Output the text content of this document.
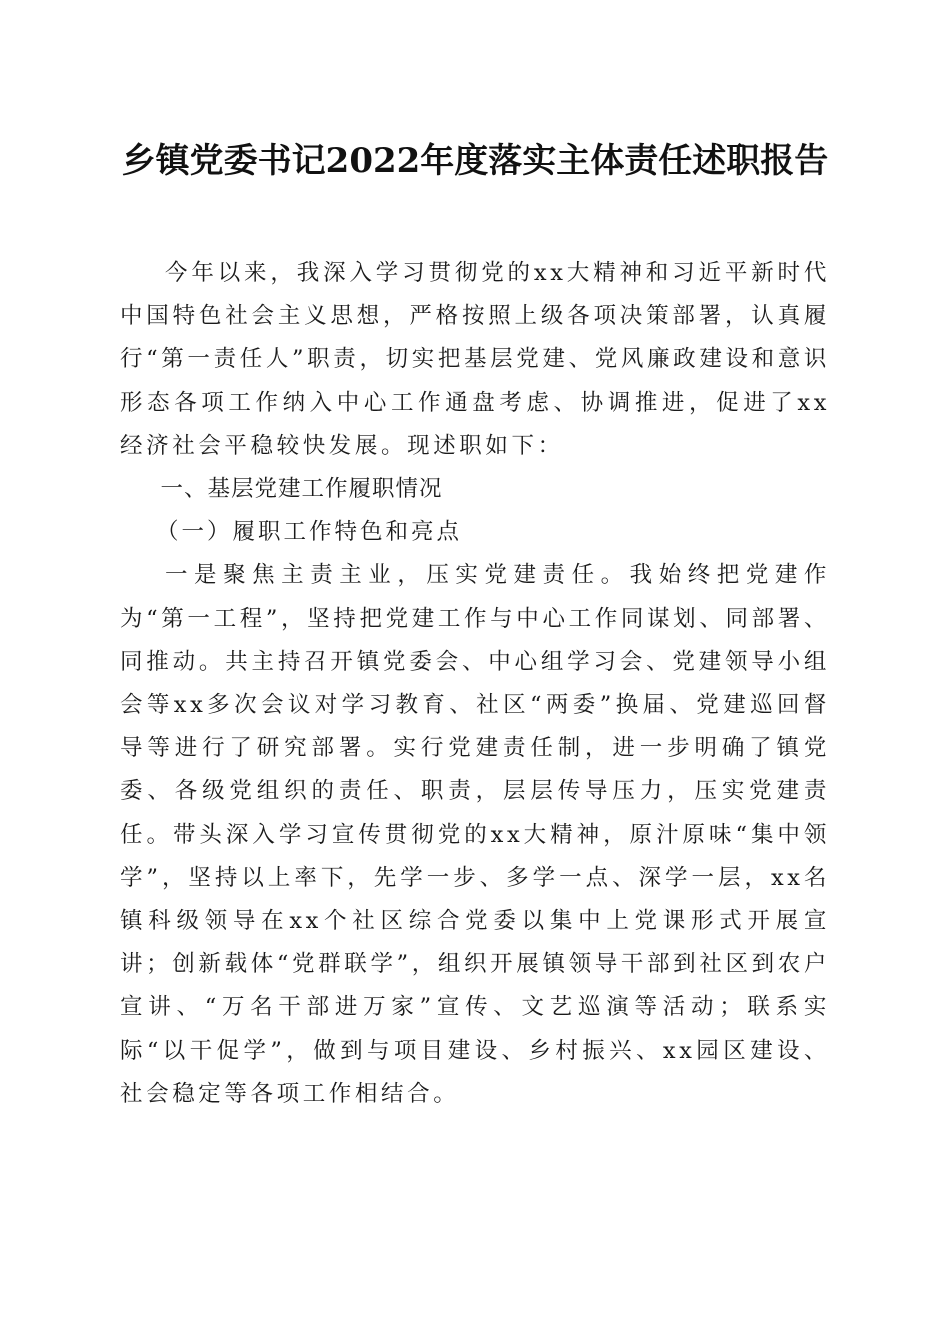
乡镇党委书记2022年度落实主体责任述职报告

今年以来，我深入学习贯彻党的xx大精神和习近平新时代中国特色社会主义思想，严格按照上级各项决策部署，认真履行“第一责任人”职责，切实把基层党建、党风廉政建设和意识形态各项工作纳入中心工作通盘考虑、协调推进，促进了xx经济社会平稳较快发展。现述职如下：

一、基层党建工作履职情况

（一）履职工作特色和亮点

一是聚焦主责主业，压实党建责任。我始终把党建作为“第一工程”，坚持把党建工作与中心工作同谋划、同部署、同推动。共主持召开镇党委会、中心组学习会、党建领导小组会等xx多次会议对学习教育、社区“两委”换届、党建巡回督导等进行了研究部署。实行党建责任制，进一步明确了镇党委、各级党组织的责任、职责，层层传导压力，压实党建责任。带头深入学习宣传贯彻党的xx大精神，原汁原味“集中领学”，坚持以上率下，先学一步、多学一点、深学一层，xx名镇科级领导在xx个社区综合党委以集中上党课形式开展宣讲；创新载体“党群联学”，组织开展镇领导干部到社区到农户宣讲、“万名干部进万家”宣传、文艺巡演等活动；联系实际“以干促学”，做到与项目建设、乡村振兴、xx园区建设、社会稳定等各项工作相结合。
